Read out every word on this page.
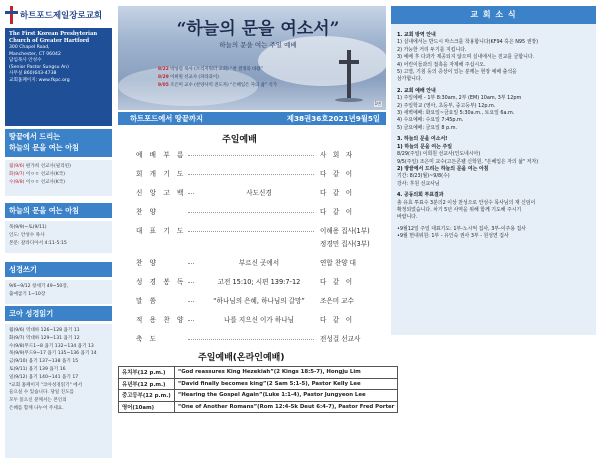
하트포드제일장로교회
The First Korean Presbyterian
Church of Greater Hartford
300 Chapel Road,
Manchester, CT 06042
담임목사 안성수
(Senior Pastor Sungsu An)
사무실 860)643-4738
교회홈페이지: www.fkpc.org
땅끝에서 드리는
하늘의 문을 여는 아침
월(9/6) 편가희 선교사(필리핀)
화(9/7) 이ㅇㅇ 선교사(K국)
수(9/8) 이ㅇㅇ 선교사(K국)
하늘의 문을 여는 아침
목(9/9)~토(9/11)
인도: 안성수 목사
본문: 갈라디아서 4:11-5:15
성경쓰기
9/6~9/12 창세기 49~50장,
출애굽기 1~10장
코아 성경읽기
월(9/6) 역대하 126~128 욥기 11
화(9/7) 역대하 129~131 욥기 12
수(9/8)무드1~8 욥기 132~134 욥기 13
목(9/9)무드9~17 욥기 135~136 욥기 14
금(9/10) 욥기 137~138 욥기 15
토(9/11) 욥기 139 욥기 16
일(9/12) 욥기 140~141 욥기 17
*교회 홈페이지 "코아성경읽기" 에서
들으실 수 있습니다. 당일 진도를
모두 읽으신 분께서는 본인의
은혜를 함께 나누어 주세요.
“하늘의 문을 여소서”
하늘의 문을 여는 주일 예배
8/22 박성령 목사 (브리지워터 교회) “천 결정의 바람”
8/29 이희원 선교사 (파라과이)
9/05 조은미 교수 (찬양사역 전도자) “은혜입은 자의 삶” 석가
1면
하트포드에서 땅끝까지	제38권36호2021년9월5일
주일예배
예 배 부 름	사 회 자
회 개 기 도	다 같 이
신 앙 고 백	사도신경	다 같 이
찬 양	다 같 이
대 표 기 도	이해용 집사(1부)
정경민 집사(3부)
찬 양	부르신 곳에서	연합 찬양 대
성 경 봉 독	고전 15:10; 시편 139:7-12	다 같 이
말 씀	“하나님의 은혜, 하나님의 갈망”	조은미 교수
적 용 찬 양	나를 지으신 이가 하나님	다 같 이
축 도	전성걸 선교사
주일예배(온라인예배)
유치부(12 p.m.)	“God reassures King Hezekiah”(2 Kings 18:5-7), Hongju Lim
유년부(12 p.m.)	“David finally becomes king”(2 Sam 5:1-5), Pastor Kelly Lee
중고등부(12 p.m.)	“Hearing the Gospel Again”(Luke 1:1-4), Pastor Jungyeon Lee
영어(10am)	“One of Another Romans”(Rom 12:4-5k Deut 6:4-7), Pastor Fred Porter
교 회 소 식
1. 교회 방역 안내
1) 실내에서는 반드시 마스크를 착용합니다(KF94 혹은 N95 권장)
2) 가능한 거리 두기를 지킵니다.
3) 예배 후 다과가 제공되지 않으며 실내에서는 친교를 금합니다.
4) 어린이들과의 접촉을 자제해 주십시오.
5) 고열, 기침 등의 증상이 있는 분께는 현장 예배 출석을
삼가합니다.
2. 교회 예배 안내
1) 주일예배 - 1부 8:30am, 2부 (EM) 10am, 3부 12pm
2) 주일학교 (영아, 초등부, 중고등부) 12p.m.
3) 새벽예배: 화요일~금요일 5:30a.m., 토요일 6a.m.
4) 수요예배: 수요일 7:45p.m.
5) 금요예배: 금요일 8 p.m.
3. 하늘의 문을 여소서!
1) 하늘의 문을 여는 주일
8/29(주일) 이희원 선교사(인도네시아)
9/5(주일) 조은미 교수(고든콘웰 신학원, "은혜입은 자의 삶" 저자)
2) 땅끝에서 드리는 하늘의 문을 여는 아침
기간: 8/23(월)~9/8(수)
강사: 후원 선교사님
4. 공동의회 투표결과
총 유효 투표수 3분의2 이상 찬성으로 안성수 목사님의 재 신임이
확정되었습니다. 차기 5년 사역을 위해 함께 기도해 주시기
바랍니다.
•9월12일 주일 대표기도: 1부-노시억 집사, 3부-이주용 집사
•9월 헌내위원: 1부 - 유인숙 권사 3부 - 원성연 집사
